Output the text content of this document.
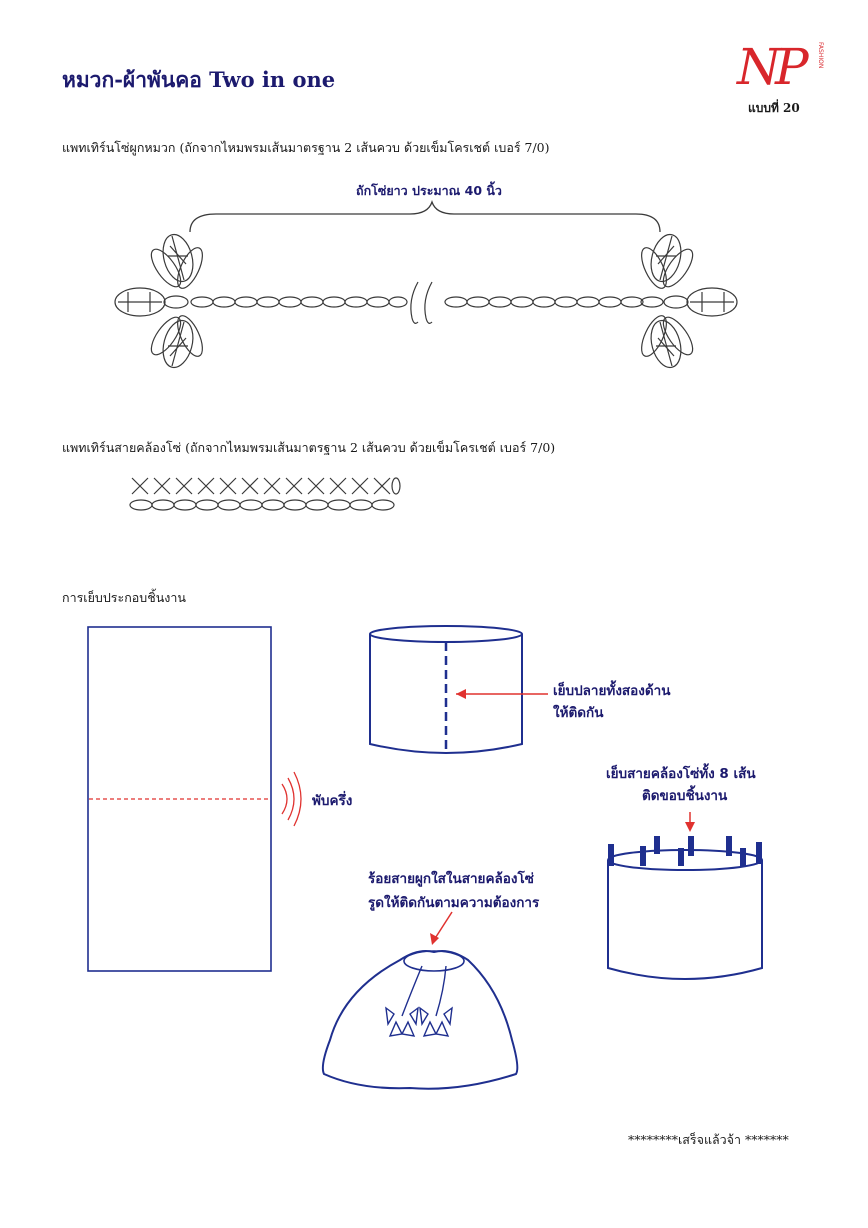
หมวก-ผ้าพันคอ Two in one	N
P FASHION
แบบที่ 20
แพทเทิร์นโซ่ผูกหมวก (ถักจากไหมพรมเส้นมาตรฐาน 2 เส้นควบ ด้วยเข็มโครเชต์ เบอร์ 7/0)
ถักโซ่ยาว ประมาณ 40 นิ้ว
แพทเทิร์นสายคล้องโซ่ (ถักจากไหมพรมเส้นมาตรฐาน 2 เส้นควบ ด้วยเข็มโครเชต์ เบอร์ 7/0)
การเย็บประกอบชิ้นงาน
พับครึ่ง
เย็บปลายทั้งสองด้าน
ให้ติดกัน
เย็บสายคล้องโซ่ทั้ง 8 เส้น
ติดขอบชิ้นงาน
ร้อยสายผูกใสในสายคล้องโซ่
รูดให้ติดกันตามความต้องการ
********เสร็จแล้วจ้า *******
